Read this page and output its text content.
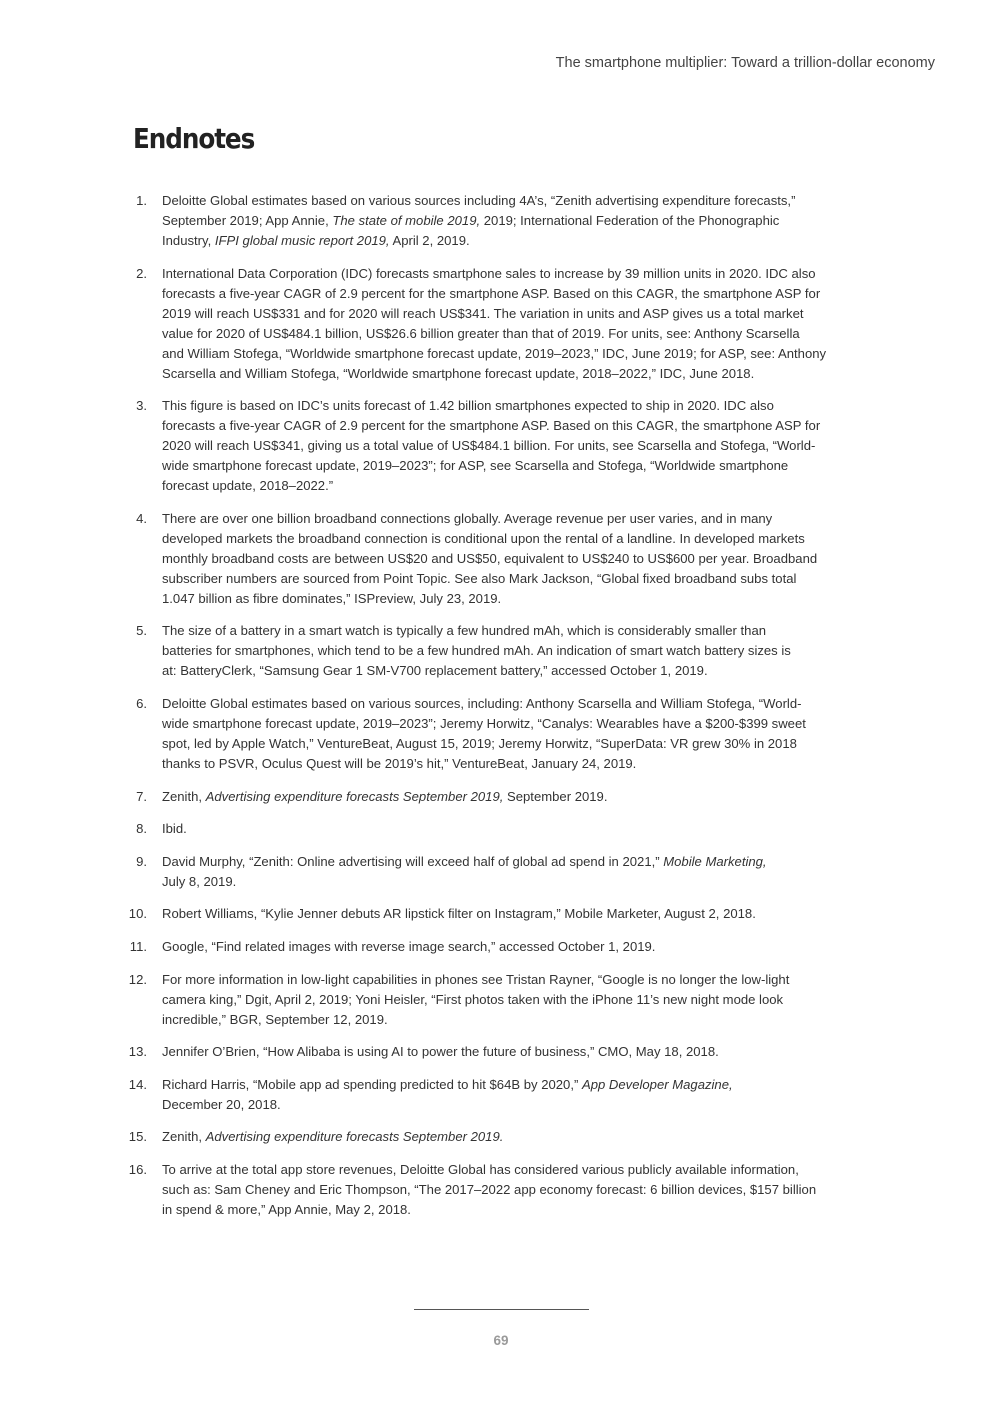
The smartphone multiplier: Toward a trillion-dollar economy
Endnotes
1. Deloitte Global estimates based on various sources including 4A’s, “Zenith advertising expenditure forecasts,”
September 2019; App Annie, The state of mobile 2019, 2019; International Federation of the Phonographic
Industry, IFPI global music report 2019, April 2, 2019.
2. International Data Corporation (IDC) forecasts smartphone sales to increase by 39 million units in 2020. IDC also
forecasts a five-year CAGR of 2.9 percent for the smartphone ASP. Based on this CAGR, the smartphone ASP for
2019 will reach US$331 and for 2020 will reach US$341. The variation in units and ASP gives us a total market
value for 2020 of US$484.1 billion, US$26.6 billion greater than that of 2019. For units, see: Anthony Scarsella
and William Stofega, “Worldwide smartphone forecast update, 2019–2023,” IDC, June 2019; for ASP, see: Anthony
Scarsella and William Stofega, “Worldwide smartphone forecast update, 2018–2022,” IDC, June 2018.
3. This figure is based on IDC’s units forecast of 1.42 billion smartphones expected to ship in 2020. IDC also
forecasts a five-year CAGR of 2.9 percent for the smartphone ASP. Based on this CAGR, the smartphone ASP for
2020 will reach US$341, giving us a total value of US$484.1 billion. For units, see Scarsella and Stofega, “World-
wide smartphone forecast update, 2019–2023”; for ASP, see Scarsella and Stofega, “Worldwide smartphone
forecast update, 2018–2022.”
4. There are over one billion broadband connections globally. Average revenue per user varies, and in many
developed markets the broadband connection is conditional upon the rental of a landline. In developed markets
monthly broadband costs are between US$20 and US$50, equivalent to US$240 to US$600 per year. Broadband
subscriber numbers are sourced from Point Topic. See also Mark Jackson, “Global fixed broadband subs total
1.047 billion as fibre dominates,” ISPreview, July 23, 2019.
5. The size of a battery in a smart watch is typically a few hundred mAh, which is considerably smaller than
batteries for smartphones, which tend to be a few hundred mAh. An indication of smart watch battery sizes is
at: BatteryClerk, “Samsung Gear 1 SM-V700 replacement battery,” accessed October 1, 2019.
6. Deloitte Global estimates based on various sources, including: Anthony Scarsella and William Stofega, “World-
wide smartphone forecast update, 2019–2023”; Jeremy Horwitz, “Canalys: Wearables have a $200-$399 sweet
spot, led by Apple Watch,” VentureBeat, August 15, 2019; Jeremy Horwitz, “SuperData: VR grew 30% in 2018
thanks to PSVR, Oculus Quest will be 2019’s hit,” VentureBeat, January 24, 2019.
7. Zenith, Advertising expenditure forecasts September 2019, September 2019.
8. Ibid.
9. David Murphy, “Zenith: Online advertising will exceed half of global ad spend in 2021,” Mobile Marketing,
July 8, 2019.
10. Robert Williams, “Kylie Jenner debuts AR lipstick filter on Instagram,” Mobile Marketer, August 2, 2018.
11. Google, “Find related images with reverse image search,” accessed October 1, 2019.
12. For more information in low-light capabilities in phones see Tristan Rayner, “Google is no longer the low-light
camera king,” Dgit, April 2, 2019; Yoni Heisler, “First photos taken with the iPhone 11’s new night mode look
incredible,” BGR, September 12, 2019.
13. Jennifer O’Brien, “How Alibaba is using AI to power the future of business,” CMO, May 18, 2018.
14. Richard Harris, “Mobile app ad spending predicted to hit $64B by 2020,” App Developer Magazine,
December 20, 2018.
15. Zenith, Advertising expenditure forecasts September 2019.
16. To arrive at the total app store revenues, Deloitte Global has considered various publicly available information,
such as: Sam Cheney and Eric Thompson, “The 2017–2022 app economy forecast: 6 billion devices, $157 billion
in spend & more,” App Annie, May 2, 2018.
69
